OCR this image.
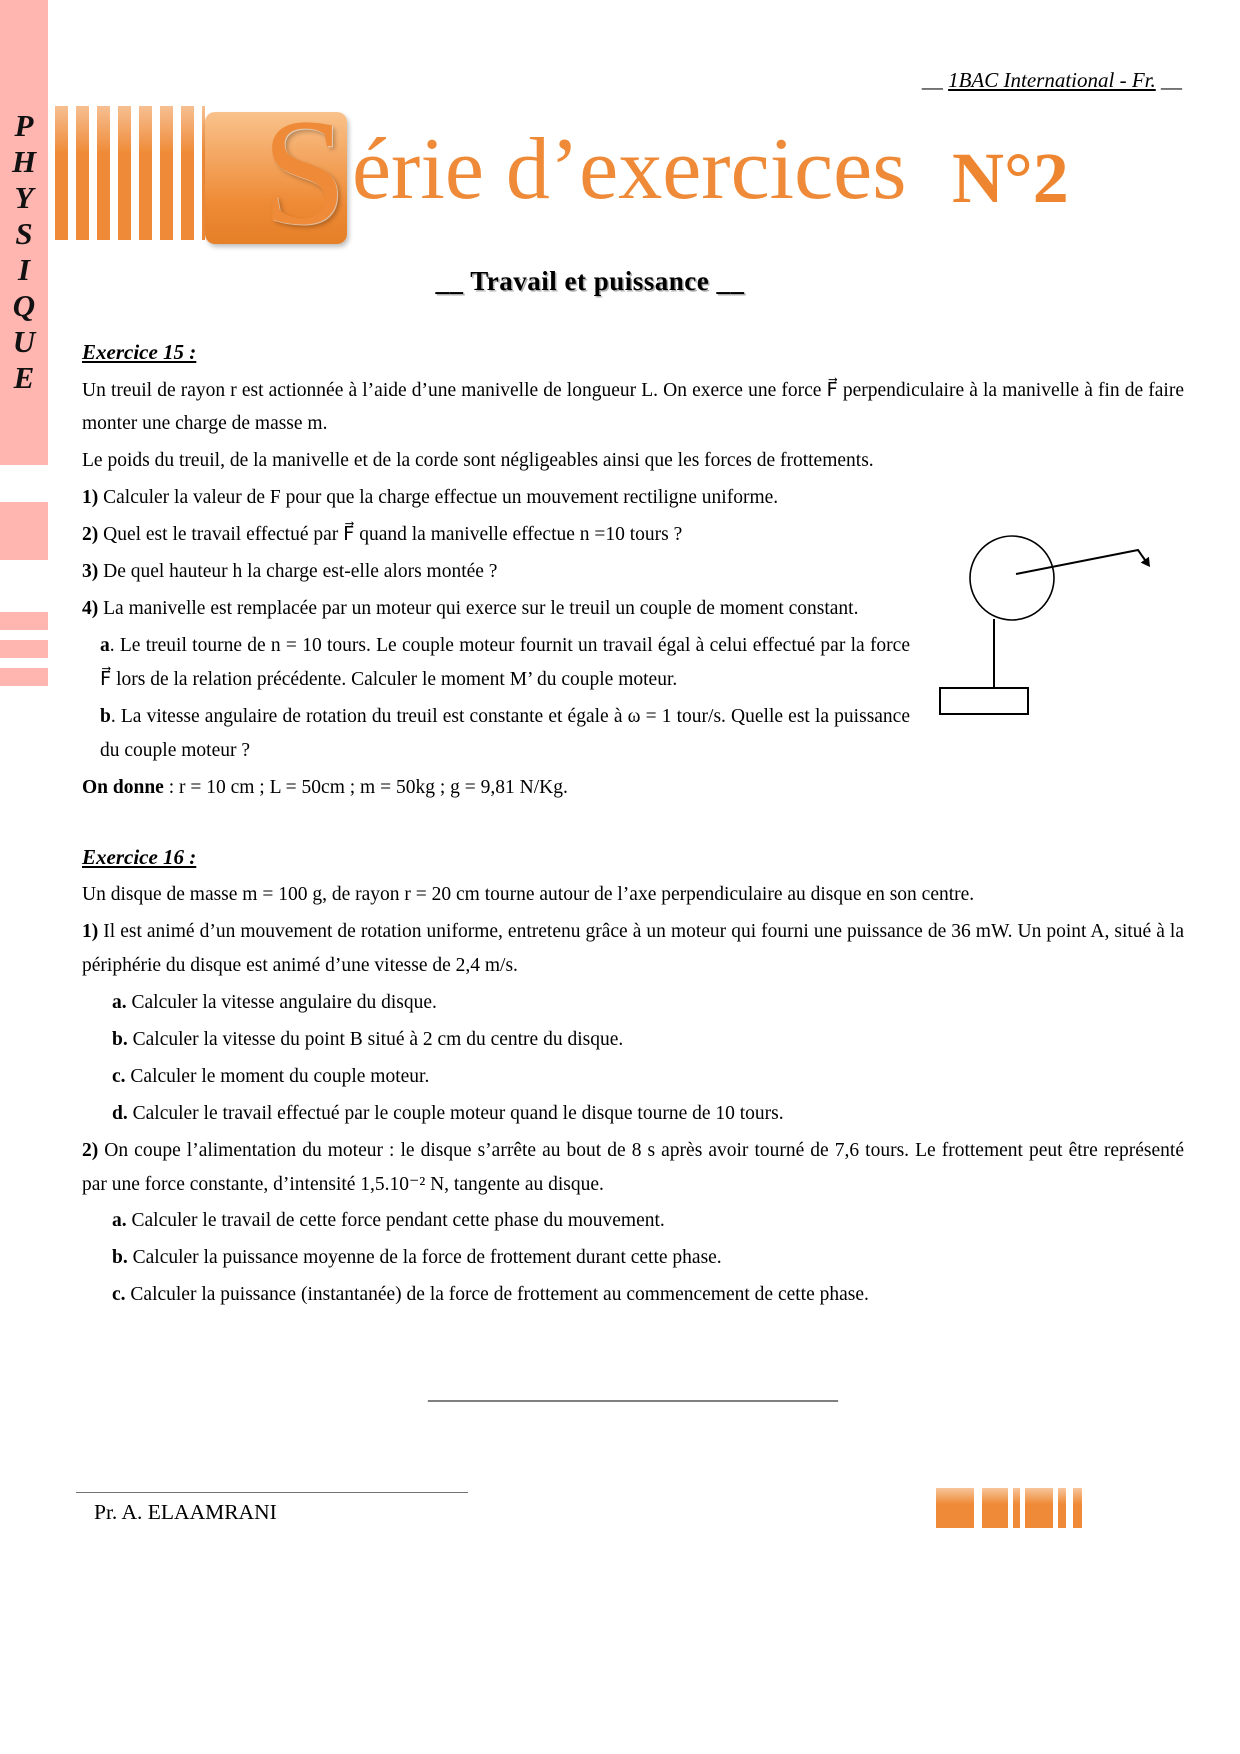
P
H
Y
S
I
Q
U
E
__ 1BAC International - Fr. __
S érie d’exercices N°2
__ Travail et puissance __

Exercice 15 :

Un treuil de rayon r est actionnée à l’aide d’une manivelle de longueur L. On exerce une force F⃗ perpendiculaire à la manivelle à fin de faire monter une charge de masse m.

Le poids du treuil, de la manivelle et de la corde sont négligeables ainsi que les forces de frottements.

1) Calculer la valeur de F pour que la charge effectue un mouvement rectiligne uniforme.

2) Quel est le travail effectué par F⃗ quand la manivelle effectue n =10 tours ?

3) De quel hauteur h la charge est-elle alors montée ?

4) La manivelle est remplacée par un moteur qui exerce sur le treuil un couple de moment constant.

a. Le treuil tourne de n = 10 tours. Le couple moteur fournit un travail égal à celui effectué par la force F⃗ lors de la relation précédente. Calculer le moment M’ du couple moteur.

b. La vitesse angulaire de rotation du treuil est constante et égale à ω = 1 tour/s. Quelle est la puissance du couple moteur ?

On donne : r = 10 cm ; L = 50cm ; m = 50kg ; g = 9,81 N/Kg.

Exercice 16 :

Un disque de masse m = 100 g, de rayon r = 20 cm tourne autour de l’axe perpendiculaire au disque en son centre.

1) Il est animé d’un mouvement de rotation uniforme, entretenu grâce à un moteur qui fourni une puissance de 36 mW. Un point A, situé à la périphérie du disque est animé d’une vitesse de 2,4 m/s.

a. Calculer la vitesse angulaire du disque.

b. Calculer la vitesse du point B situé à 2 cm du centre du disque.

c. Calculer le moment du couple moteur.

d. Calculer le travail effectué par le couple moteur quand le disque tourne de 10 tours.

2) On coupe l’alimentation du moteur : le disque s’arrête au bout de 8 s après avoir tourné de 7,6 tours. Le frottement peut être représenté par une force constante, d’intensité 1,5.10⁻² N, tangente au disque.

a. Calculer le travail de cette force pendant cette phase du mouvement.

b. Calculer la puissance moyenne de la force de frottement durant cette phase.

c. Calculer la puissance (instantanée) de la force de frottement au commencement de cette phase.

_________________________________________
Pr. A. ELAAMRANI
